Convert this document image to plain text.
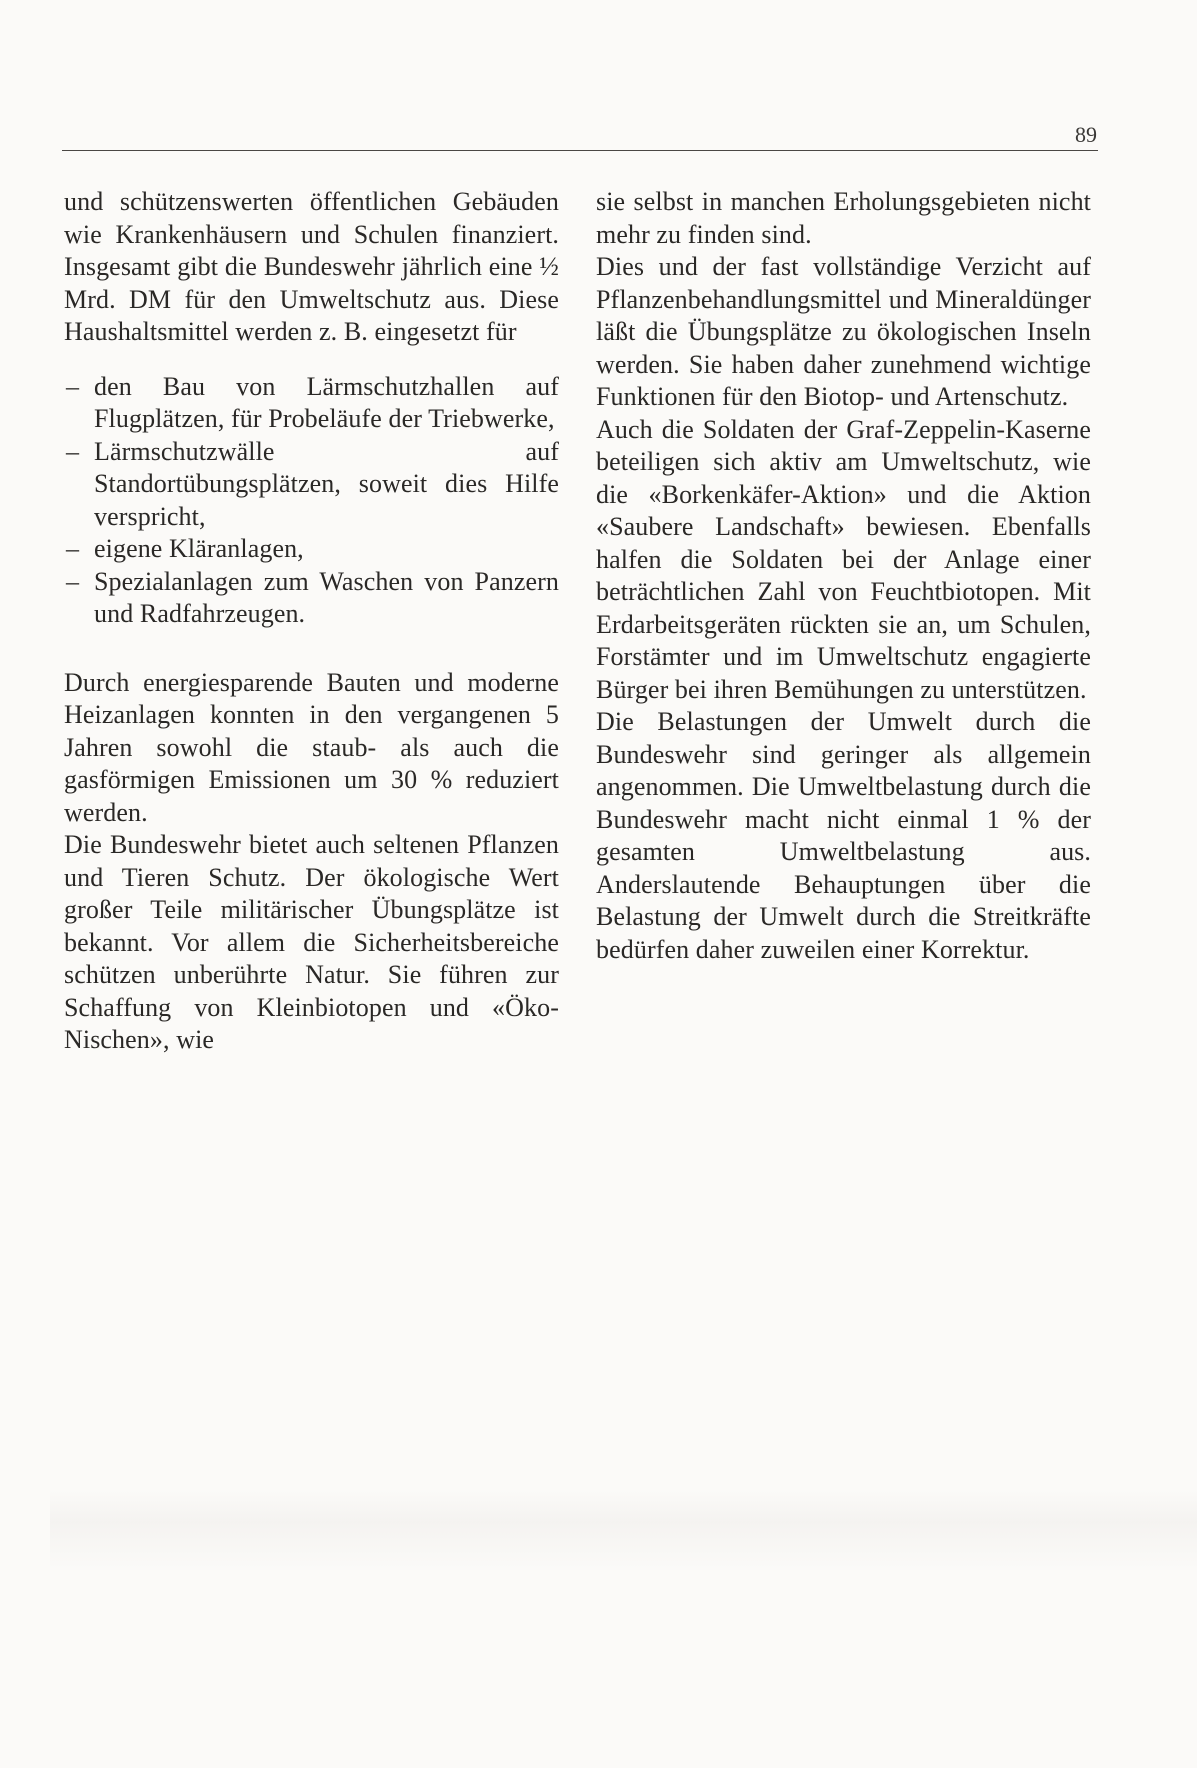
89

und schützenswerten öffentlichen Gebäuden wie Krankenhäusern und Schulen finanziert. Insgesamt gibt die Bundeswehr jährlich eine ½ Mrd. DM für den Umweltschutz aus. Diese Haushaltsmittel werden z. B. eingesetzt für

– den Bau von Lärmschutzhallen auf Flugplätzen, für Probeläufe der Triebwerke,
– Lärmschutzwälle auf Standortübungsplätzen, soweit dies Hilfe verspricht,
– eigene Kläranlagen,
– Spezialanlagen zum Waschen von Panzern und Radfahrzeugen.

Durch energiesparende Bauten und moderne Heizanlagen konnten in den vergangenen 5 Jahren sowohl die staub- als auch die gasförmigen Emissionen um 30 % reduziert werden.

Die Bundeswehr bietet auch seltenen Pflanzen und Tieren Schutz. Der ökologische Wert großer Teile militärischer Übungsplätze ist bekannt. Vor allem die Sicherheitsbereiche schützen unberührte Natur. Sie führen zur Schaffung von Kleinbiotopen und «Öko-Nischen», wie

sie selbst in manchen Erholungsgebieten nicht mehr zu finden sind.

Dies und der fast vollständige Verzicht auf Pflanzenbehandlungsmittel und Mineraldünger läßt die Übungsplätze zu ökologischen Inseln werden. Sie haben daher zunehmend wichtige Funktionen für den Biotop- und Artenschutz.

Auch die Soldaten der Graf-Zeppelin-Kaserne beteiligen sich aktiv am Umweltschutz, wie die «Borkenkäfer-Aktion» und die Aktion «Saubere Landschaft» bewiesen. Ebenfalls halfen die Soldaten bei der Anlage einer beträchtlichen Zahl von Feuchtbiotopen. Mit Erdarbeitsgeräten rückten sie an, um Schulen, Forstämter und im Umweltschutz engagierte Bürger bei ihren Bemühungen zu unterstützen.

Die Belastungen der Umwelt durch die Bundeswehr sind geringer als allgemein angenommen. Die Umweltbelastung durch die Bundeswehr macht nicht einmal 1 % der gesamten Umweltbelastung aus. Anderslautende Behauptungen über die Belastung der Umwelt durch die Streitkräfte bedürfen daher zuweilen einer Korrektur.
